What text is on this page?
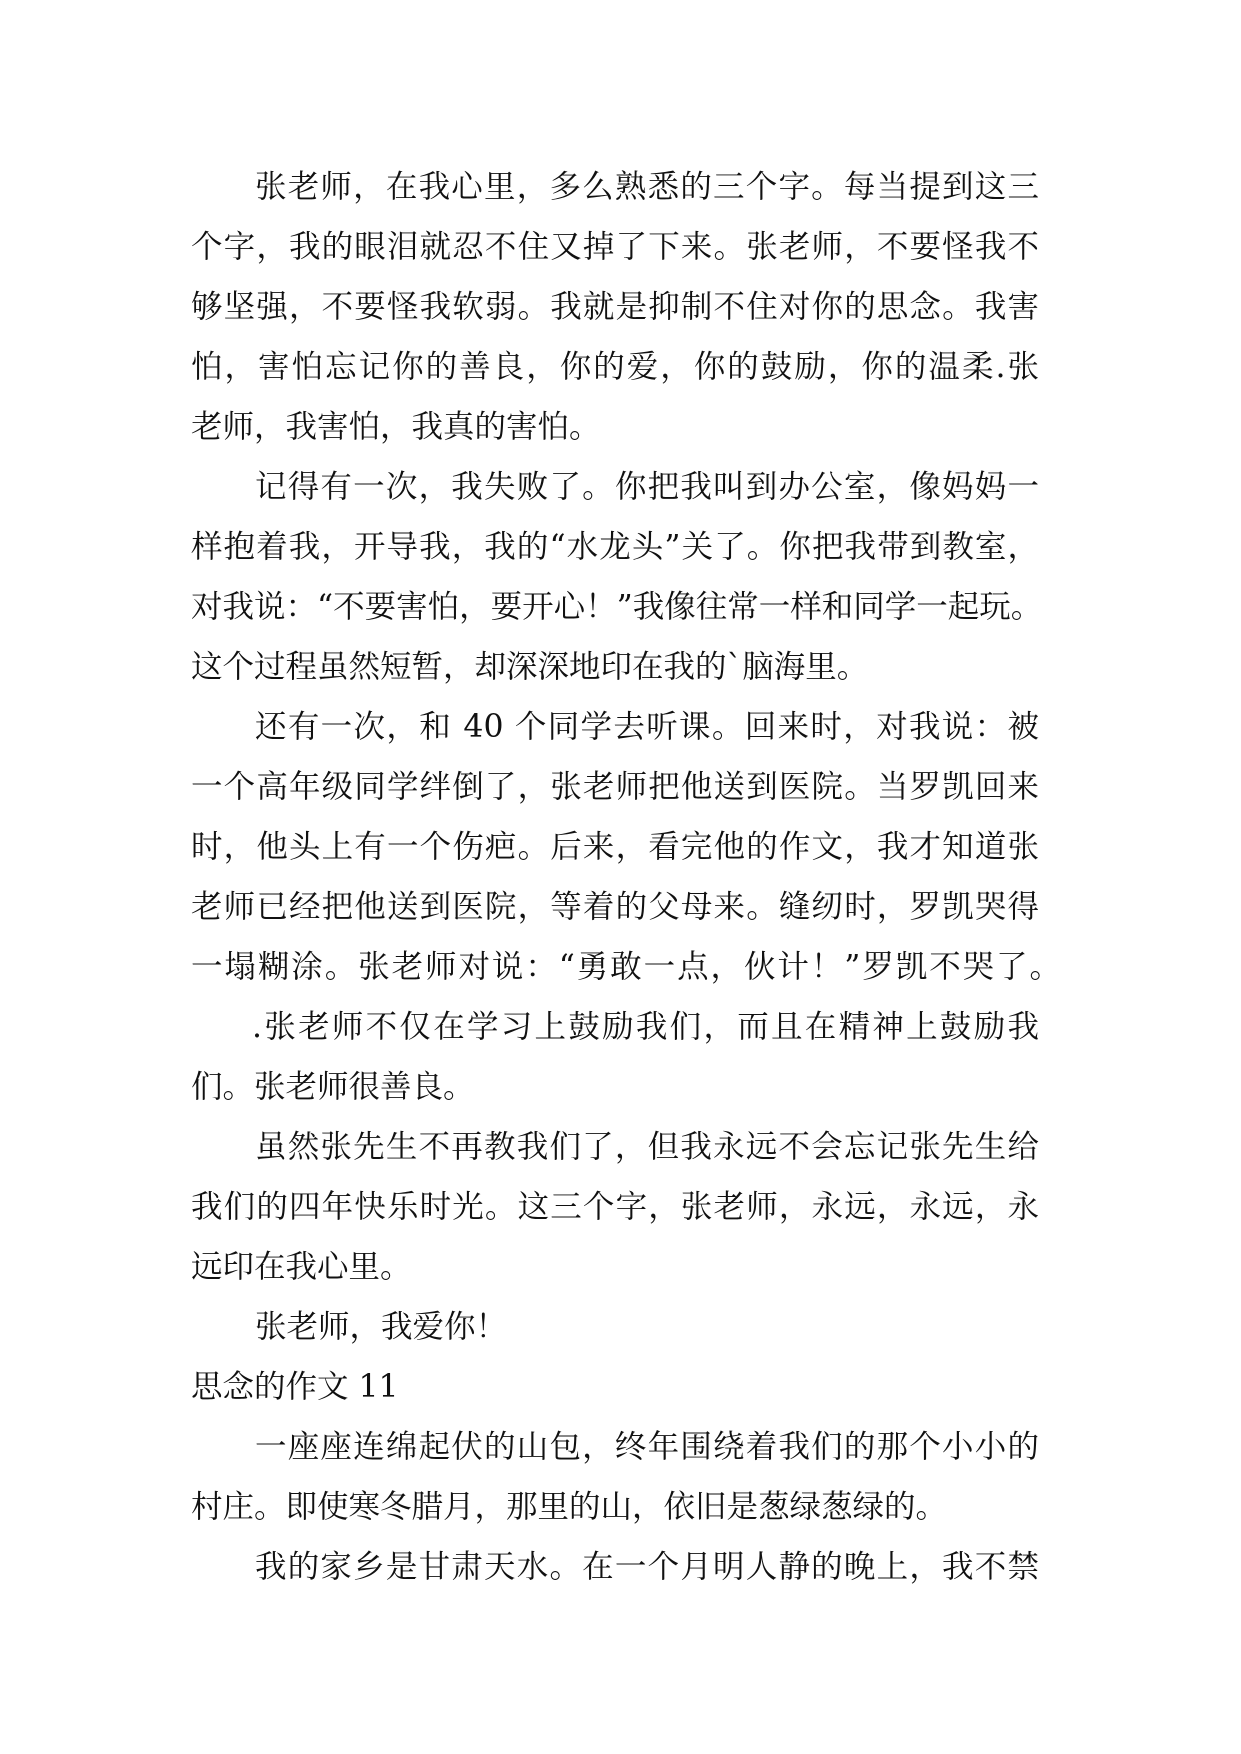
张老师，在我心里，多么熟悉的三个字。每当提到这三
个字，我的眼泪就忍不住又掉了下来。张老师，不要怪我不
够坚强，不要怪我软弱。我就是抑制不住对你的思念。我害
怕，害怕忘记你的善良，你的爱，你的鼓励，你的温柔.张
老师，我害怕，我真的害怕。
记得有一次，我失败了。你把我叫到办公室，像妈妈一
样抱着我，开导我，我的“水龙头”关了。你把我带到教室，
对我说：“不要害怕，要开心！”我像往常一样和同学一起玩。
这个过程虽然短暂，却深深地印在我的`脑海里。
还有一次，和 40 个同学去听课。回来时，对我说：被
一个高年级同学绊倒了，张老师把他送到医院。当罗凯回来
时，他头上有一个伤疤。后来，看完他的作文，我才知道张
老师已经把他送到医院，等着的父母来。缝纫时，罗凯哭得
一塌糊涂。张老师对说：“勇敢一点，伙计！”罗凯不哭了。
.张老师不仅在学习上鼓励我们，而且在精神上鼓励我
们。张老师很善良。
虽然张先生不再教我们了，但我永远不会忘记张先生给
我们的四年快乐时光。这三个字，张老师，永远，永远，永
远印在我心里。
张老师，我爱你！
思念的作文 11
一座座连绵起伏的山包，终年围绕着我们的那个小小的
村庄。即使寒冬腊月，那里的山，依旧是葱绿葱绿的。
我的家乡是甘肃天水。在一个月明人静的晚上，我不禁
